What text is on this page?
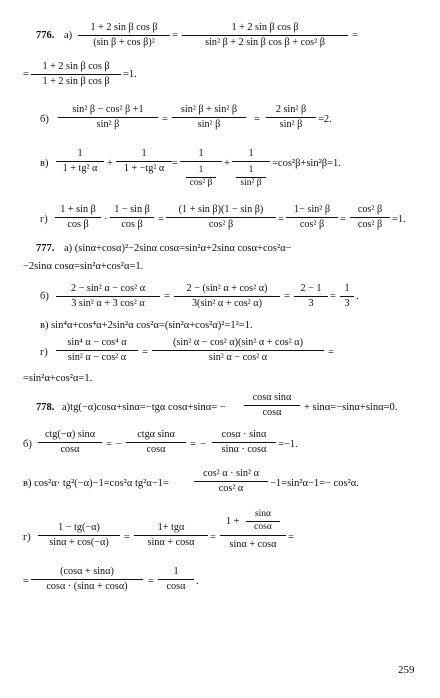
776. $а) \frac{\text{1 + 2 sin β cos β}}{\text{(sin β + cos β)²}} = \frac{\text{1 + 2 sin β cos β}}{\text{sin² β + 2 sin β cos β + cos² β}}$ =
= $\frac{\text{1 + 2 sin β cos β}}{\text{1 + 2 sin β cos β}} =1$.
$б) \frac{\text{sin² β − cos² β +1}}{\text{sin² β}} = \frac{\text{sin² β + sin² β}}{\text{sin² β}} = \frac{\text{2 sin² β}}{\text{sin² β}} =2$.
$в) \frac{1}{\text{1 + tg² α}} + \frac{1}{\text{1 + −tg² α}}$ =
1
$\frac{1}{\text{cos² β}}$
+
1
$\frac{1}{\text{sin² β}}$
=cos²β+sin²β=1.
$г) \frac{\text{1 + sin β}}{\text{cos β}} \cdot \frac{\text{1 − sin β}}{\text{cos β}} = \frac{\text{(1 + sin β)(1 − sin β)}}{\text{cos² β}} = \frac{\text{1− sin² β}}{\text{cos² β}} = \frac{\text{cos² β}}{\text{cos² β}} =1$.
777. а) (sinα+cosα)²−2sinα cosα=sin²α+2sinα cosα+cos²α−
−2sinα cosα=sin²α+cos²α=1.
$б) \frac{\text{2 − sin² α − cos² α}}{\text{3 sin² α + 3 cos² α}} = \frac{\text{2 − (sin² α + cos² α)}}{\text{3(sin² α + cos² α)}} = \frac{2 - 1}{3} = \frac{1}{3}$ .
в) sin⁴α+cos⁴α+2sin²α cos²α=(sin²α+cos²α)²=1²=1.
$г) \frac{\text{sin⁴ α − cos⁴ α}}{\text{sin² α − cos² α}} = \frac{\text{(sin² α − cos² α)(sin² α + cos² α)}}{\text{sin² α − cos² α}}$ =
=sin²α+cos²α=1.
778. а)tg(−α)cosα+sinα=−tgα $\cos\alpha+\sin\alpha= - \frac{\text{cosα sinα}}{\cos\alpha} + \sin\alpha=-\sin\alpha+\sin\alpha=0$.
б)
ctg(−α) sinα
cosα	= −
ctgα sinα
cosα	= − $\frac{\cos\alpha \cdot \sin\alpha}{\sin\alpha \cdot \cos\alpha} =-1$.
в) cos²α· tg²(−α)−1=cos²α $tg^2\alpha-1= \frac{\text{cos² α · sin² α}}{\text{cos² α}} -1=\sin^2\alpha-1=- \cos^2\alpha$.
$г) \frac{1 - tg(-\alpha)}{\sin\alpha + \cos(-\alpha)}$ =
1+ tgα
sinα + cosα	=
$1 + \frac{\sin\alpha}{\cos\alpha}$
sinα + cosα
=
= $\frac{(\cos\alpha + \sin\alpha)}{\cos\alpha \cdot (\sin\alpha + \cos\alpha)} = \frac{1}{\cos\alpha}$ .
259
